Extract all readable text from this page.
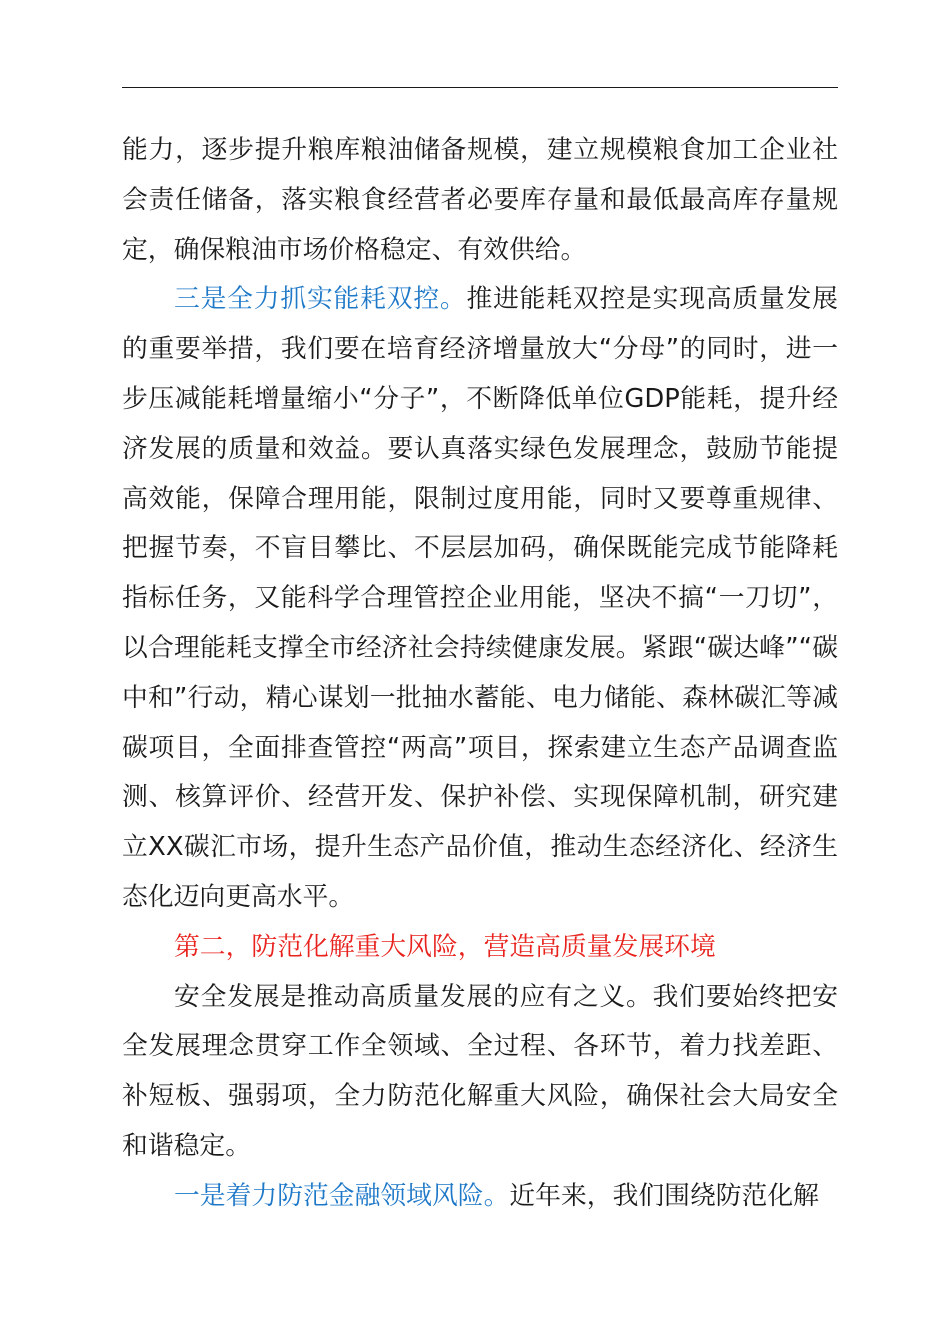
能力，逐步提升粮库粮油储备规模，建立规模粮食加工企业社会责任储备，落实粮食经营者必要库存量和最低最高库存量规定，确保粮油市场价格稳定、有效供给。

三是全力抓实能耗双控。推进能耗双控是实现高质量发展的重要举措，我们要在培育经济增量放大“分母”的同时，进一步压减能耗增量缩小“分子”，不断降低单位GDP能耗，提升经济发展的质量和效益。要认真落实绿色发展理念，鼓励节能提高效能，保障合理用能，限制过度用能，同时又要尊重规律、把握节奏，不盲目攀比、不层层加码，确保既能完成节能降耗指标任务，又能科学合理管控企业用能，坚决不搞“一刀切”，以合理能耗支撑全市经济社会持续健康发展。紧跟“碳达峰”“碳中和”行动，精心谋划一批抽水蓄能、电力储能、森林碳汇等减碳项目，全面排查管控“两高”项目，探索建立生态产品调查监测、核算评价、经营开发、保护补偿、实现保障机制，研究建立XX碳汇市场，提升生态产品价值，推动生态经济化、经济生态化迈向更高水平。

第二，防范化解重大风险，营造高质量发展环境

安全发展是推动高质量发展的应有之义。我们要始终把安全发展理念贯穿工作全领域、全过程、各环节，着力找差距、补短板、强弱项，全力防范化解重大风险，确保社会大局安全和谐稳定。

一是着力防范金融领域风险。近年来，我们围绕防范化解
